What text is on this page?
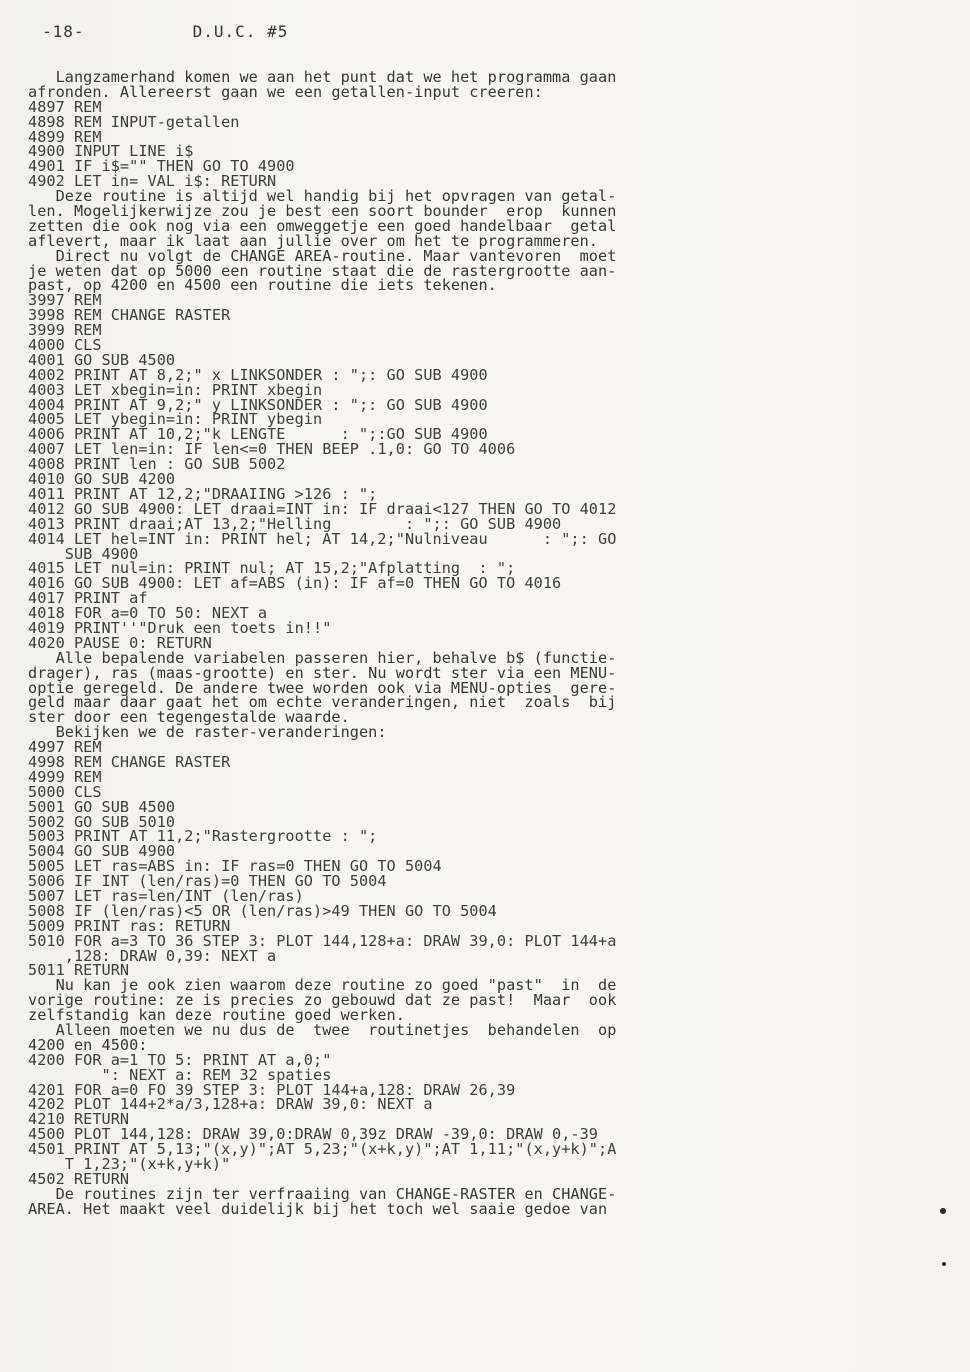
-18-	D.U.C. #5
Langzamerhand komen we aan het punt dat we het programma gaan
afronden. Allereerst gaan we een getallen-input creeren:
4897 REM
4898 REM INPUT-getallen
4899 REM
4900 INPUT LINE i$
4901 IF i$="" THEN GO TO 4900
4902 LET in= VAL i$: RETURN
Deze routine is altijd wel handig bij het opvragen van getal-
len. Mogelijkerwijze zou je best een soort bounder  erop  kunnen
zetten die ook nog via een omweggetje een goed handelbaar  getal
aflevert, maar ik laat aan jullie over om het te programmeren.
Direct nu volgt de CHANGE AREA-routine. Maar vantevoren  moet
je weten dat op 5000 een routine staat die de rastergrootte aan-
past, op 4200 en 4500 een routine die iets tekenen.
3997 REM
3998 REM CHANGE RASTER
3999 REM
4000 CLS
4001 GO SUB 4500
4002 PRINT AT 8,2;" x LINKSONDER : ";: GO SUB 4900
4003 LET xbegin=in: PRINT xbegin
4004 PRINT AT 9,2;" y LINKSONDER : ";: GO SUB 4900
4005 LET ybegin=in: PRINT ybegin
4006 PRINT AT 10,2;"k LENGTE      : ";:GO SUB 4900
4007 LET len=in: IF len<=0 THEN BEEP .1,0: GO TO 4006
4008 PRINT len : GO SUB 5002
4010 GO SUB 4200
4011 PRINT AT 12,2;"DRAAIING >126 : ";
4012 GO SUB 4900: LET draai=INT in: IF draai<127 THEN GO TO 4012
4013 PRINT draai;AT 13,2;"Helling        : ";: GO SUB 4900
4014 LET hel=INT in: PRINT hel; AT 14,2;"Nulniveau      : ";: GO
SUB 4900
4015 LET nul=in: PRINT nul; AT 15,2;"Afplatting  : ";
4016 GO SUB 4900: LET af=ABS (in): IF af=0 THEN GO TO 4016
4017 PRINT af
4018 FOR a=0 TO 50: NEXT a
4019 PRINT''"Druk een toets in!!"
4020 PAUSE 0: RETURN
Alle bepalende variabelen passeren hier, behalve b$ (functie-
drager), ras (maas-grootte) en ster. Nu wordt ster via een MENU-
optie geregeld. De andere twee worden ook via MENU-opties  gere-
geld maar daar gaat het om echte veranderingen, niet  zoals  bij
ster door een tegengestalde waarde.
Bekijken we de raster-veranderingen:
4997 REM
4998 REM CHANGE RASTER
4999 REM
5000 CLS
5001 GO SUB 4500
5002 GO SUB 5010
5003 PRINT AT 11,2;"Rastergrootte : ";
5004 GO SUB 4900
5005 LET ras=ABS in: IF ras=0 THEN GO TO 5004
5006 IF INT (len/ras)=0 THEN GO TO 5004
5007 LET ras=len/INT (len/ras)
5008 IF (len/ras)<5 OR (len/ras)>49 THEN GO TO 5004
5009 PRINT ras: RETURN
5010 FOR a=3 TO 36 STEP 3: PLOT 144,128+a: DRAW 39,0: PLOT 144+a
,128: DRAW 0,39: NEXT a
5011 RETURN
Nu kan je ook zien waarom deze routine zo goed "past"  in  de
vorige routine: ze is precies zo gebouwd dat ze past!  Maar  ook
zelfstandig kan deze routine goed werken.
Alleen moeten we nu dus de  twee  routinetjes  behandelen  op
4200 en 4500:
4200 FOR a=1 TO 5: PRINT AT a,0;"
": NEXT a: REM 32 spaties
4201 FOR a=0 FO 39 STEP 3: PLOT 144+a,128: DRAW 26,39
4202 PLOT 144+2*a/3,128+a: DRAW 39,0: NEXT a
4210 RETURN
4500 PLOT 144,128: DRAW 39,0:DRAW 0,39z DRAW -39,0: DRAW 0,-39
4501 PRINT AT 5,13;"(x,y)";AT 5,23;"(x+k,y)";AT 1,11;"(x,y+k)";A
T 1,23;"(x+k,y+k)"
4502 RETURN
De routines zijn ter verfraaiing van CHANGE-RASTER en CHANGE-
AREA. Het maakt veel duidelijk bij het toch wel saaie gedoe van
